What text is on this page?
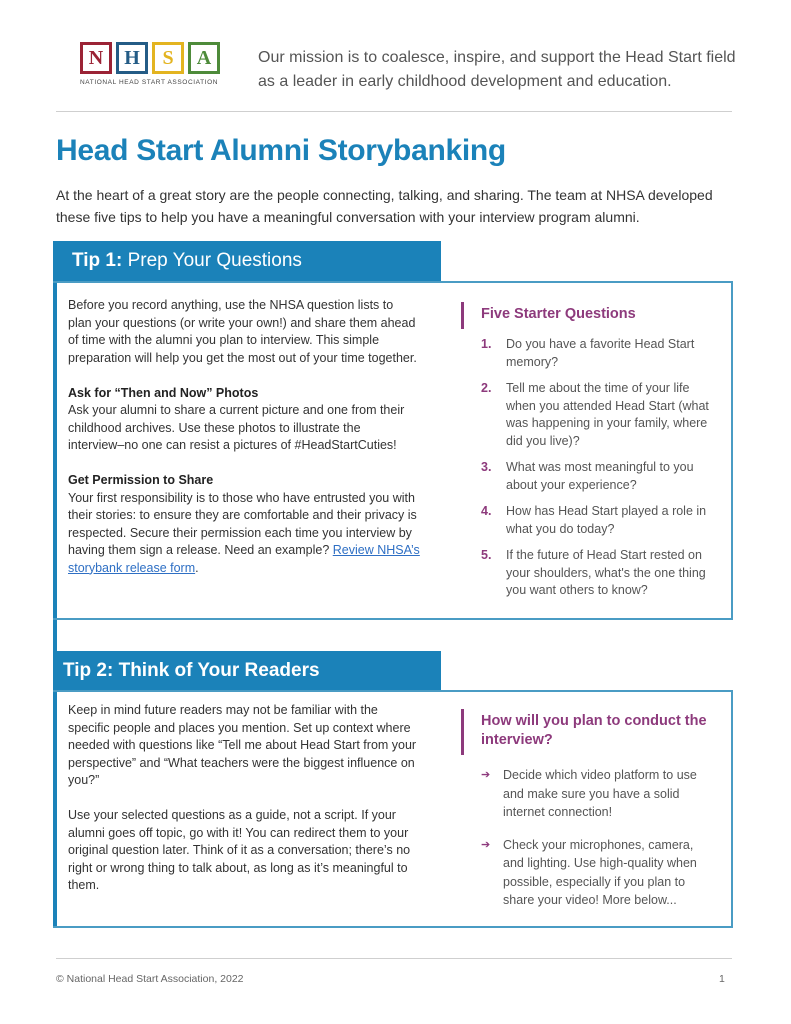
N	H	S	A
NATIONAL HEAD START ASSOCIATION
Our mission is to coalesce, inspire, and support the Head Start field as a leader in early childhood development and education.
Head Start Alumni Storybanking

At the heart of a great story are the people connecting, talking, and sharing. The team at NHSA developed these five tips to help you have a meaningful conversation with your interview program alumni.

Tip 1: Prep Your Questions

Before you record anything, use the NHSA question lists to plan your questions (or write your own!) and share them ahead of time with the alumni you plan to interview. This simple preparation will help you get the most out of your time together.

Ask for “Then and Now” Photos
Ask your alumni to share a current picture and one from their childhood archives. Use these photos to illustrate the interview–no one can resist a pictures of #HeadStartCuties!

Get Permission to Share
Your first responsibility is to those who have entrusted you with their stories: to ensure they are comfortable and their privacy is respected. Secure their permission each time you interview by having them sign a release. Need an example? Review NHSA’s storybank release form.

Five Starter Questions
1.	Do you have a favorite Head Start memory?
2.	Tell me about the time of your life when you attended Head Start (what was happening in your family, where did you live)?
3.	What was most meaningful to you about your experience?
4.	How has Head Start played a role in what you do today?
5.	If the future of Head Start rested on your shoulders, what's the one thing you want others to know?
Tip 2: Think of Your Readers

Keep in mind future readers may not be familiar with the specific people and places you mention. Set up context where needed with questions like “Tell me about Head Start from your perspective” and “What teachers were the biggest influence on you?”

Use your selected questions as a guide, not a script. If your alumni goes off topic, go with it! You can redirect them to your original question later. Think of it as a conversation; there’s no right or wrong thing to talk about, as long as it’s meaningful to them.

How will you plan to conduct the interview?
➔	Decide which video platform to use and make sure you have a solid internet connection!
➔	Check your microphones, camera, and lighting. Use high-quality when possible, especially if you plan to share your video! More below...
© National Head Start Association, 2022	1
